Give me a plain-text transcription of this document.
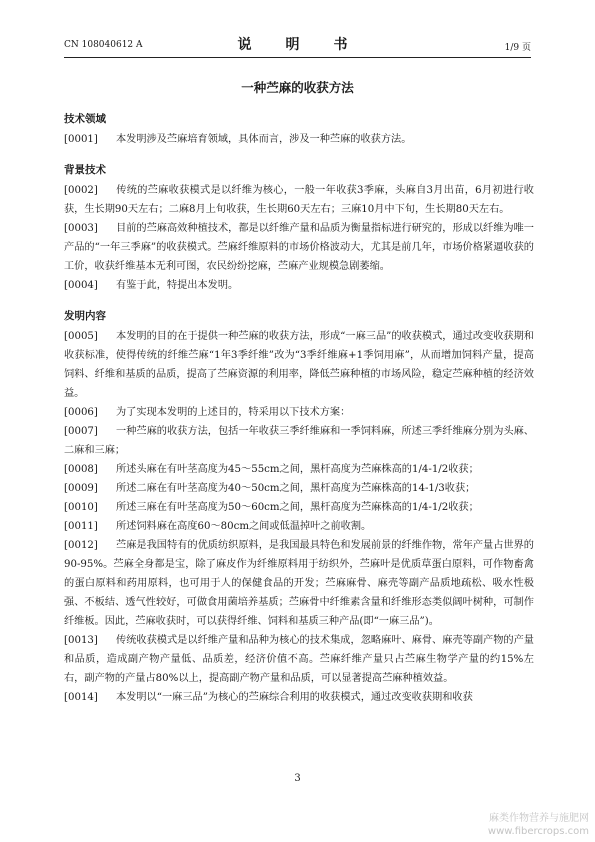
CN 108040612 A	说　明　书	1/9 页
一种苎麻的收获方法
技术领域

[0001] 本发明涉及苎麻培育领域，具体而言，涉及一种苎麻的收获方法。

背景技术

[0002] 传统的苎麻收获模式是以纤维为核心，一般一年收获3季麻，头麻自3月出苗，6月初进行收获，生长期90天左右；二麻8月上旬收获，生长期60天左右；三麻10月中下旬，生长期80天左右。

[0003] 目前的苎麻高效种植技术，都是以纤维产量和品质为衡量指标进行研究的，形成以纤维为唯一产品的“一年三季麻”的收获模式。苎麻纤维原料的市场价格波动大，尤其是前几年，市场价格紧逼收获的工价，收获纤维基本无利可图，农民纷纷挖麻，苎麻产业规模急剧萎缩。

[0004] 有鉴于此，特提出本发明。

发明内容

[0005] 本发明的目的在于提供一种苎麻的收获方法，形成“一麻三品”的收获模式，通过改变收获期和收获标准，使得传统的纤维苎麻“1年3季纤维”改为“3季纤维麻+1季饲用麻”，从而增加饲料产量，提高饲料、纤维和基质的品质，提高了苎麻资源的利用率，降低苎麻种植的市场风险，稳定苎麻种植的经济效益。

[0006] 为了实现本发明的上述目的，特采用以下技术方案：

[0007] 一种苎麻的收获方法，包括一年收获三季纤维麻和一季饲料麻，所述三季纤维麻分别为头麻、二麻和三麻；

[0008] 所述头麻在有叶茎高度为45～55cm之间，黑杆高度为苎麻株高的1/4-1/2收获；

[0009] 所述二麻在有叶茎高度为40～50cm之间，黑杆高度为苎麻株高的14-1/3收获；

[0010] 所述三麻在有叶茎高度为50～60cm之间，黑杆高度为苎麻株高的1/4-1/2收获；

[0011] 所述饲料麻在高度60～80cm之间或低温掉叶之前收割。

[0012] 苎麻是我国特有的优质纺织原料，是我国最具特色和发展前景的纤维作物，常年产量占世界的90-95%。苎麻全身都是宝，除了麻皮作为纤维原料用于纺织外，苎麻叶是优质草蛋白原料，可作物畜禽的蛋白原料和药用原料，也可用于人的保健食品的开发；苎麻麻骨、麻壳等副产品质地疏松、吸水性极强、不板结、透气性较好，可做食用菌培养基质；苎麻骨中纤维素含量和纤维形态类似阔叶树种，可制作纤维板。因此，苎麻收获时，可以获得纤维、饲料和基质三种产品(即“一麻三品”)。

[0013] 传统收获模式是以纤维产量和品种为核心的技术集成，忽略麻叶、麻骨、麻壳等副产物的产量和品质，造成副产物产量低、品质差，经济价值不高。苎麻纤维产量只占苎麻生物学产量的约15%左右，副产物的产量占80%以上，提高副产物产量和品质，可以显著提高苎麻种植效益。

[0014] 本发明以“一麻三品”为核心的苎麻综合利用的收获模式，通过改变收获期和收获

3
麻类作物营养与施肥网
www.fibercrops.com
